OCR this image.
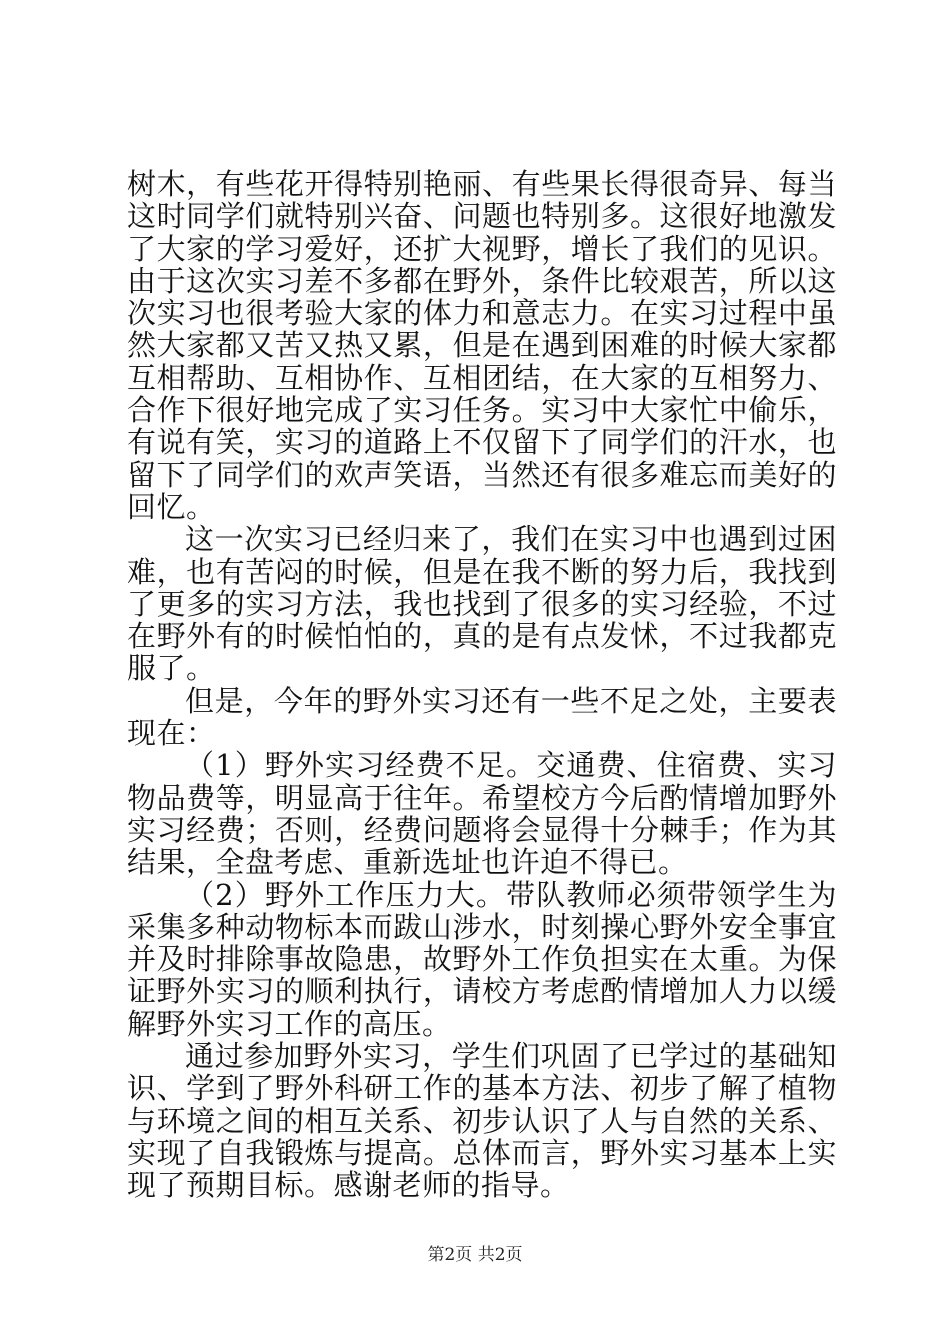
树木，有些花开得特别艳丽、有些果长得很奇异、每当这时同学们就特别兴奋、问题也特别多。这很好地激发了大家的学习爱好，还扩大视野，增长了我们的见识。由于这次实习差不多都在野外，条件比较艰苦，所以这次实习也很考验大家的体力和意志力。在实习过程中虽然大家都又苦又热又累，但是在遇到困难的时候大家都互相帮助、互相协作、互相团结，在大家的互相努力、合作下很好地完成了实习任务。实习中大家忙中偷乐，有说有笑，实习的道路上不仅留下了同学们的汗水，也留下了同学们的欢声笑语，当然还有很多难忘而美好的回忆。

这一次实习已经归来了，我们在实习中也遇到过困难，也有苦闷的时候，但是在我不断的努力后，我找到了更多的实习方法，我也找到了很多的实习经验，不过在野外有的时候怕怕的，真的是有点发怵，不过我都克服了。

但是，今年的野外实习还有一些不足之处，主要表现在：

（1）野外实习经费不足。交通费、住宿费、实习物品费等，明显高于往年。希望校方今后酌情增加野外实习经费；否则，经费问题将会显得十分棘手；作为其结果，全盘考虑、重新选址也许迫不得已。

（2）野外工作压力大。带队教师必须带领学生为采集多种动物标本而跋山涉水，时刻操心野外安全事宜并及时排除事故隐患，故野外工作负担实在太重。为保证野外实习的顺利执行，请校方考虑酌情增加人力以缓解野外实习工作的高压。

通过参加野外实习，学生们巩固了已学过的基础知识、学到了野外科研工作的基本方法、初步了解了植物与环境之间的相互关系、初步认识了人与自然的关系、实现了自我锻炼与提高。总体而言，野外实习基本上实现了预期目标。感谢老师的指导。

第2页 共2页
